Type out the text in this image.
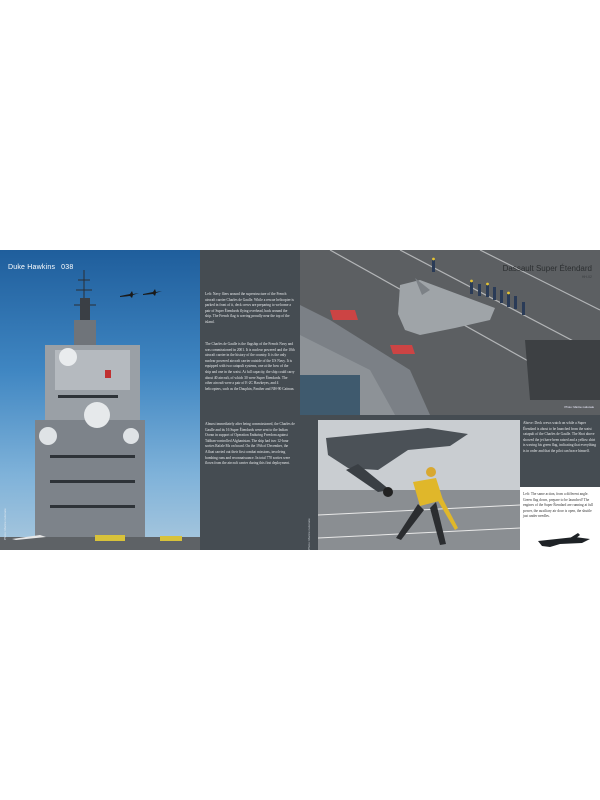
Duke Hawkins 038
Photo: Marine nationale

Left: Navy fliers around the superstructure of the French aircraft carrier Charles de Gaulle. While a rescue helicopter is parked in front of it, deck crews are preparing to welcome a pair of Super Étendards flying overhead, back around the ship. The French flag is waving proudly near the top of the island.

The Charles de Gaulle is the flagship of the French Navy and was commissioned in 2001. It is nuclear powered and the 10th aircraft carrier in the history of the country. It is the only nuclear powered aircraft carrier outside of the US Navy. It is equipped with two catapult systems, one at the bow of the ship and one in the waist. At full capacity, the ship could carry about 40 aircraft, of which 30 were Super Étendards. The other aircraft were a pair of E-2C Hawkeyes, and 4 helicopters, such as the Dauphin, Panther and NH-90 Caïman.

Almost immediately after being commissioned, the Charles de Gaulle and its 16 Super Étendards were sent to the Indian Ocean in support of Operation Enduring Freedom against Taliban-controlled Afghanistan. The ship had two 12-hour sorties Rafale Ms on board. On the 19th of December, the Afloat carried out their first combat missions, involving bombing runs and reconnaissance. In total 770 sorties were flown from the aircraft carrier during this first deployment.

Dassault Super Étendard
HH-02
Photo: Marine nationale
Photo: Marine nationale

Above: Deck crews watch on while a Super Étendard is about to be launched from the waist catapult of the Charles de Gaulle. The Shot above showed the jet have been raised and a yellow shirt is waving his green flag, indicating that everything is in order and that the pilot can brace himself.

Left: The same action, from a different angle. Green flag down, prepare to be launched! The engines of the Super Étendard are running at full power, the auxiliary air door is open, the shuttle just under needles.
